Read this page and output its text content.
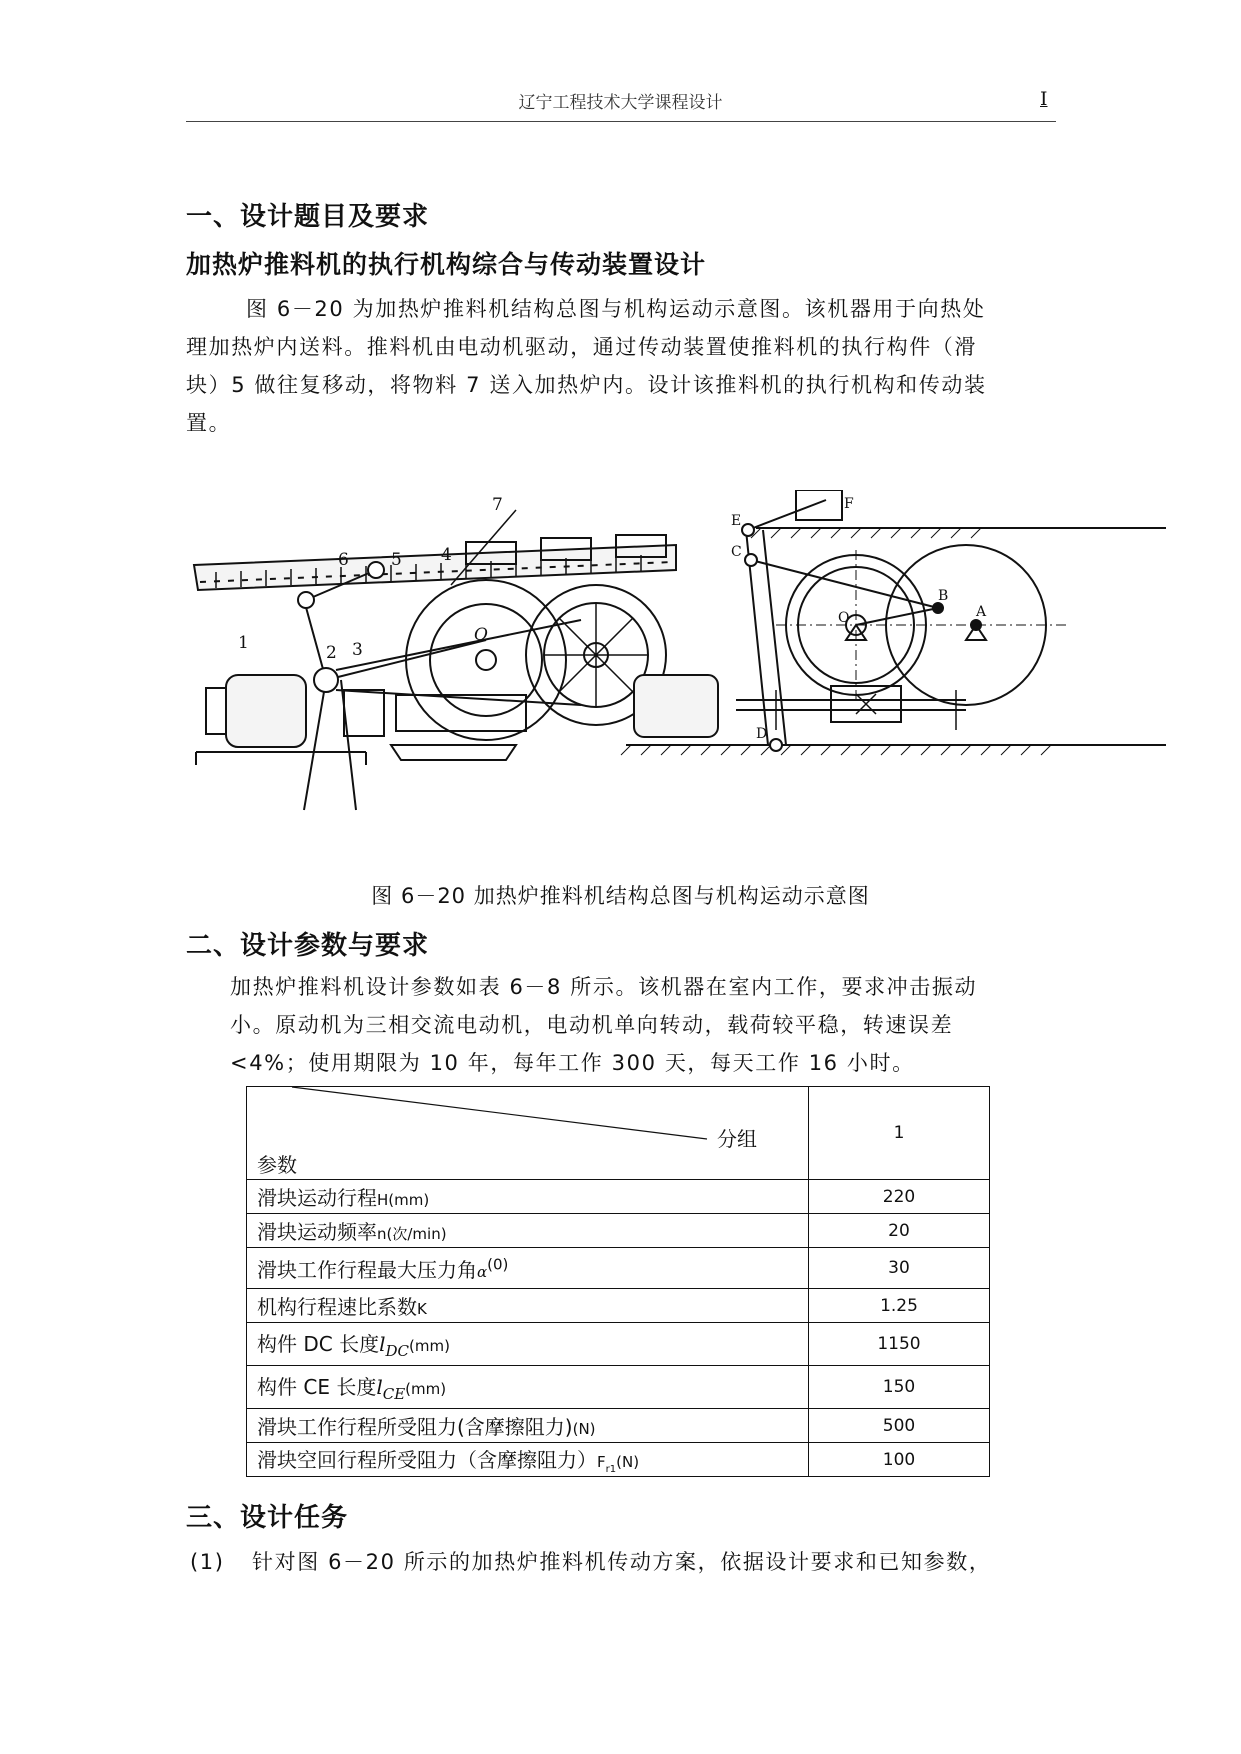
辽宁工程技术大学课程设计	I
一、设计题目及要求
加热炉推料机的执行机构综合与传动装置设计
图 6－20 为加热炉推料机结构总图与机构运动示意图。该机器用于向热处
理加热炉内送料。推料机由电动机驱动，通过传动装置使推料机的执行构件（滑
块）5 做往复移动，将物料 7 送入加热炉内。设计该推料机的执行机构和传动装
置。
7
6 5 4
3
2
1	O
F
E
C
B
A
O
D
图 6－20 加热炉推料机结构总图与机构运动示意图
二、设计参数与要求
加热炉推料机设计参数如表 6－8 所示。该机器在室内工作，要求冲击振动
小。原动机为三相交流电动机，电动机单向转动，载荷较平稳，转速误差
<4%；使用期限为 10 年，每年工作 300 天，每天工作 16 小时。
分组
参数	1
滑块运动行程H(mm)	220
滑块运动频率n(次/min)	20
滑块工作行程最大压力角$\alpha^{(0)}$	30
机构行程速比系数K	1.25
构件 DC 长度$l_{DC}(mm)$	1150
构件 CE 长度$l_{CE}(mm)$	150
滑块工作行程所受阻力(含摩擦阻力)(N)	500
滑块空回行程所受阻力（含摩擦阻力）$F_{r1}(N)$	100
三、设计任务
(1) 针对图 6－20 所示的加热炉推料机传动方案，依据设计要求和已知参数，
